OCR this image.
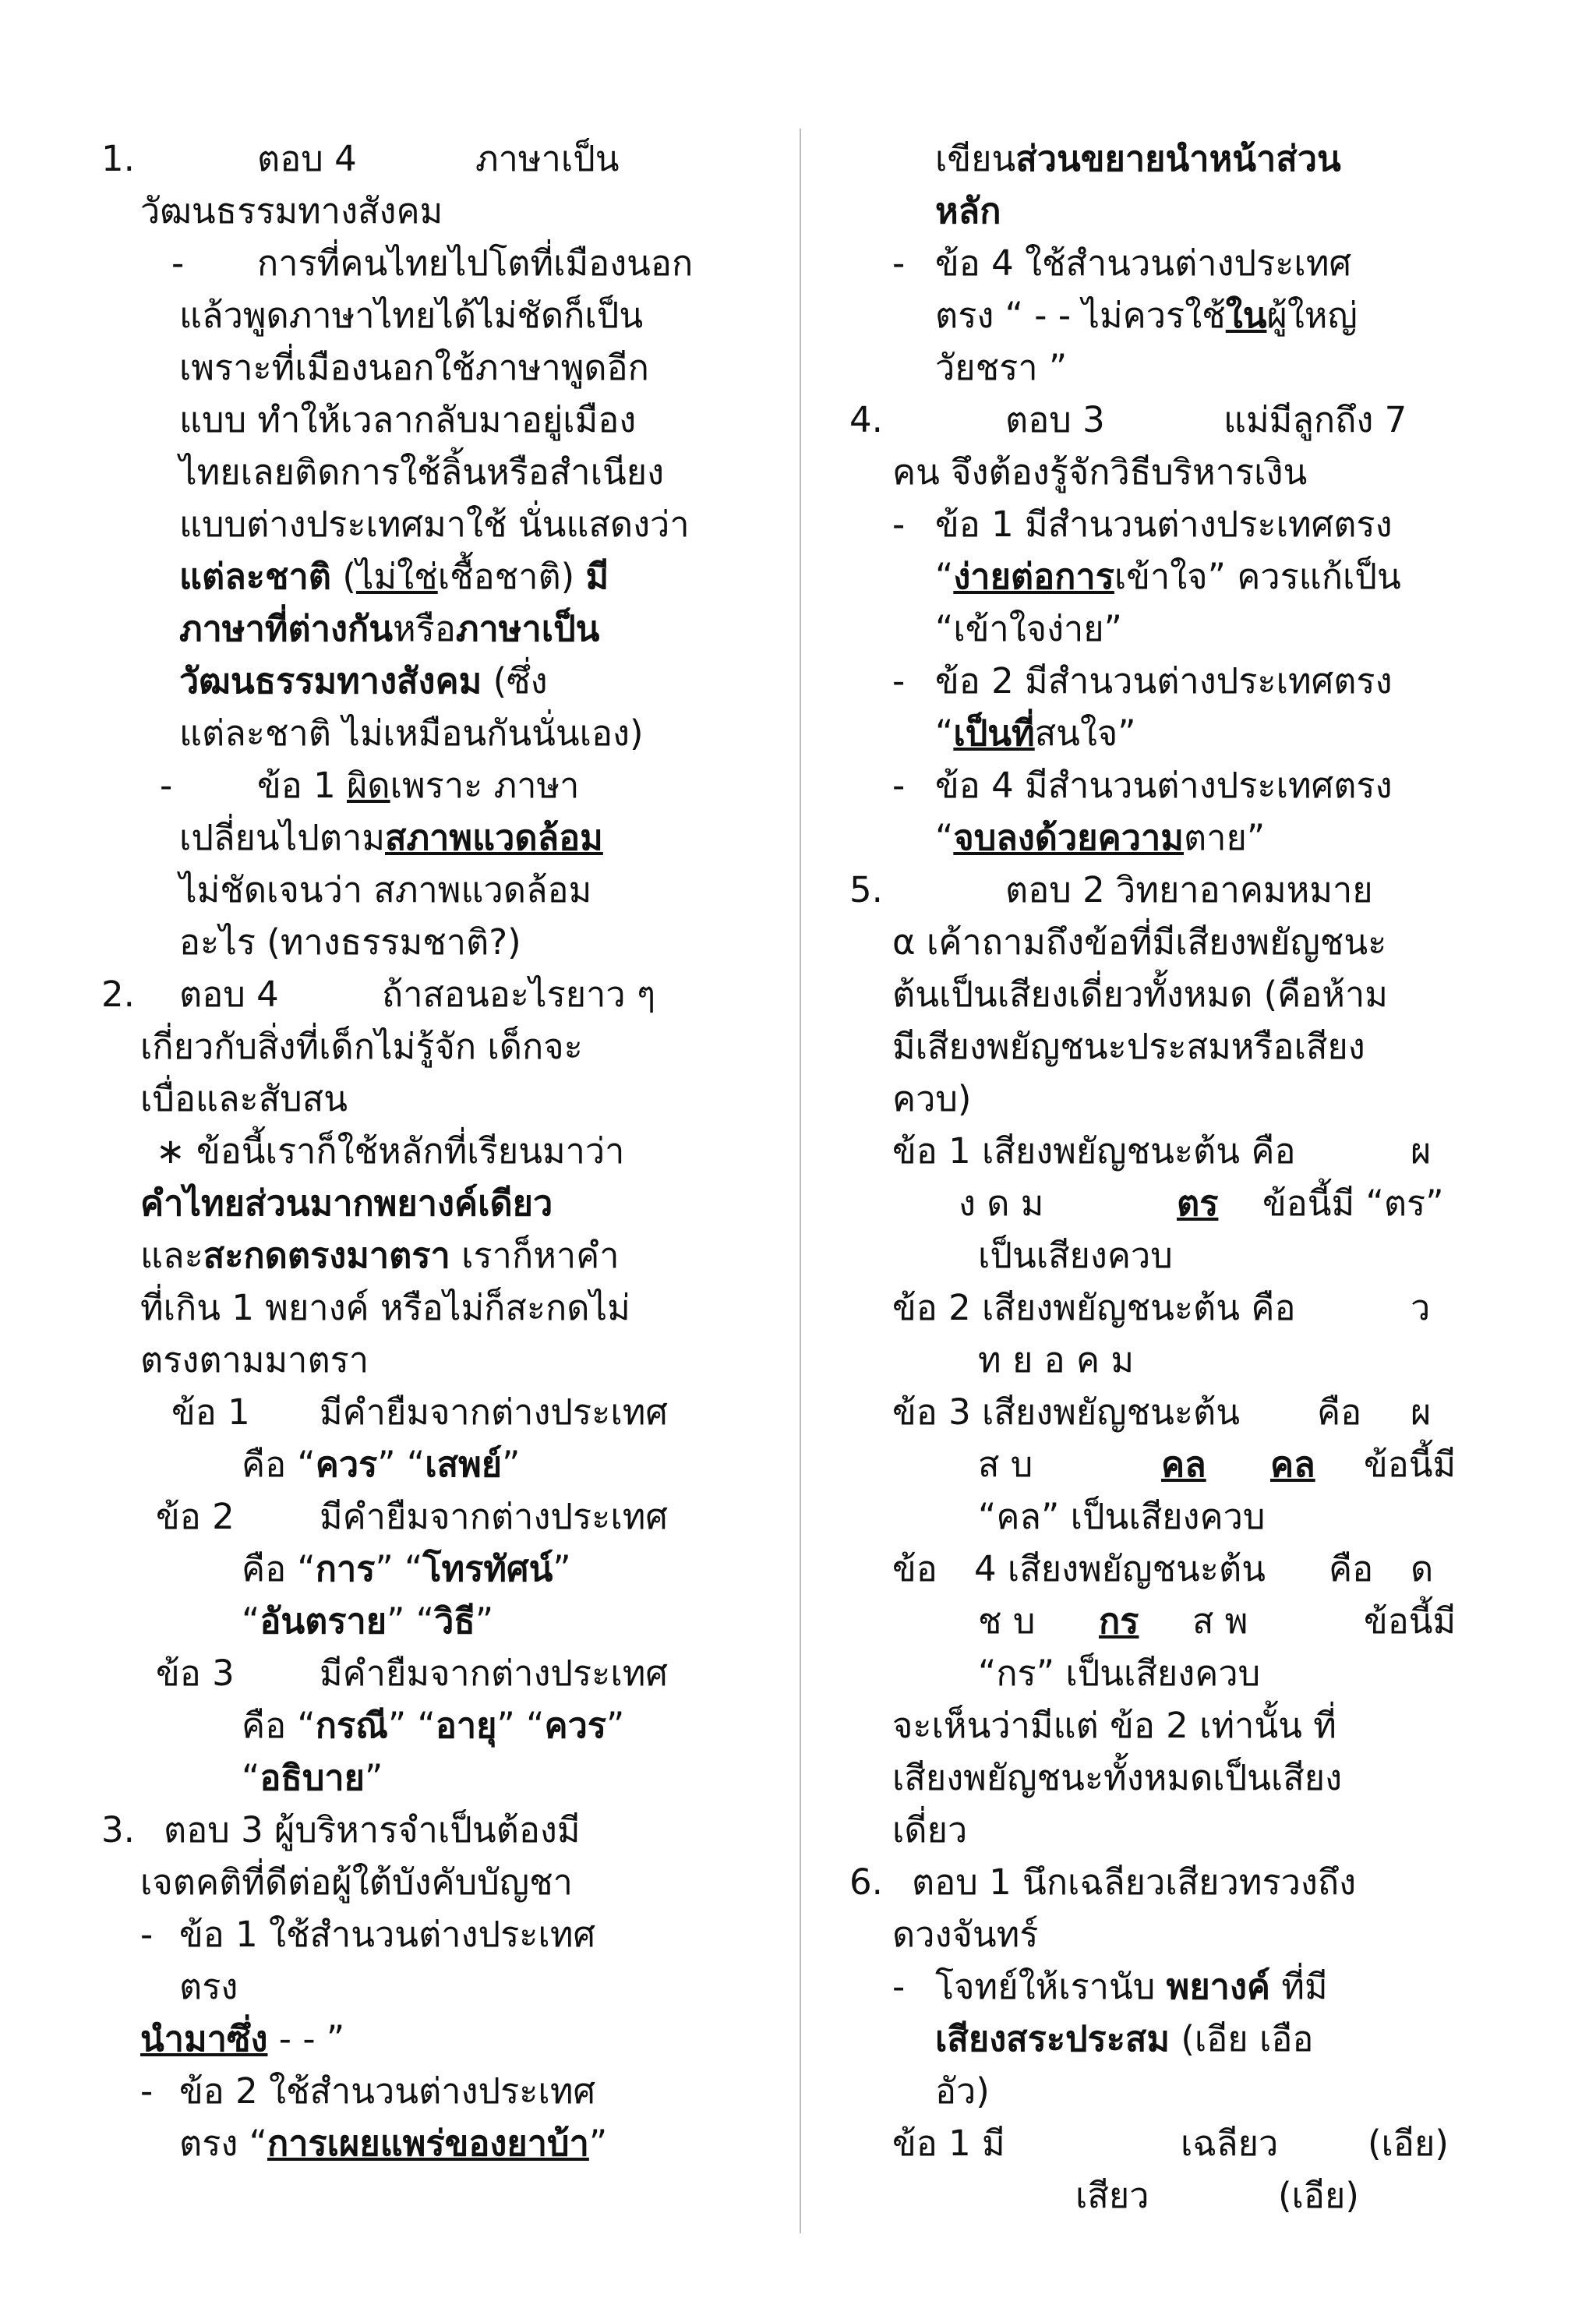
1.	ตอบ 4	ภาษาเป็น
วัฒนธรรมทางสังคม
- การที่คนไทยไปโตที่เมืองนอก
แล้วพูดภาษาไทยได้ไม่ชัดก็เป็น
เพราะที่เมืองนอกใช้ภาษาพูดอีก
แบบ ทำให้เวลากลับมาอยู่เมือง
ไทยเลยติดการใช้ลิ้นหรือสำเนียง
แบบต่างประเทศมาใช้ นั่นแสดงว่า
แต่ละชาติ (ไม่ใช่เชื้อชาติ) มี
ภาษาที่ต่างกันหรือภาษาเป็น
วัฒนธรรมทางสังคม (ซึ่ง
แต่ละชาติ ไม่เหมือนกันนั่นเอง)
- ข้อ 1 ผิดเพราะ ภาษา
เปลี่ยนไปตามสภาพแวดล้อม
ไม่ชัดเจนว่า สภาพแวดล้อม
อะไร (ทางธรรมชาติ?)
2. ตอบ 4	ถ้าสอนอะไรยาว ๆ
เกี่ยวกับสิ่งที่เด็กไม่รู้จัก เด็กจะ
เบื่อและสับสน
∗ ข้อนี้เราก็ใช้หลักที่เรียนมาว่า
คำไทยส่วนมากพยางค์เดียว
และสะกดตรงมาตรา เราก็หาคำ
ที่เกิน 1 พยางค์ หรือไม่ก็สะกดไม่
ตรงตามมาตรา
ข้อ 1 มีคำยืมจากต่างประเทศ
คือ “ควร” “เสพย์”
ข้อ 2 มีคำยืมจากต่างประเทศ
คือ “การ” “โทรทัศน์”
“อันตราย” “วิธี”
ข้อ 3 มีคำยืมจากต่างประเทศ
คือ “กรณี” “อายุ” “ควร”
“อธิบาย”
3. ตอบ 3 ผู้บริหารจำเป็นต้องมี
เจตคติที่ดีต่อผู้ใต้บังคับบัญชา
- ข้อ 1 ใช้สำนวนต่างประเทศ
ตรง
นำมาซึ่ง - - ”
- ข้อ 2 ใช้สำนวนต่างประเทศ
ตรง “การเผยแพร่ของยาบ้า”
เขียนส่วนขยายนำหน้าส่วน
หลัก
- ข้อ 4 ใช้สำนวนต่างประเทศ
ตรง “ - - ไม่ควรใช้ในผู้ใหญ่
วัยชรา ”
4.	ตอบ 3	แม่มีลูกถึง 7
คน จึงต้องรู้จักวิธีบริหารเงิน
- ข้อ 1 มีสำนวนต่างประเทศตรง
“ง่ายต่อการเข้าใจ” ควรแก้เป็น
“เข้าใจง่าย”
- ข้อ 2 มีสำนวนต่างประเทศตรง
“เป็นที่สนใจ”
- ข้อ 4 มีสำนวนต่างประเทศตรง
“จบลงด้วยความตาย”
5.	ตอบ 2 วิทยาอาคมหมาย
α เค้าถามถึงข้อที่มีเสียงพยัญชนะ
ต้นเป็นเสียงเดี่ยวทั้งหมด (คือห้าม
มีเสียงพยัญชนะประสมหรือเสียง
ควบ)
ข้อ 1 เสียงพยัญชนะต้น คือ	ผ
ง ด ม	ตร ข้อนี้มี “ตร”
เป็นเสียงควบ
ข้อ 2 เสียงพยัญชนะต้น คือ	ว
ท ย อ ค ม
ข้อ 3 เสียงพยัญชนะต้น คือ ผ
ส บ	คล คล ข้อนี้มี
“คล” เป็นเสียงควบ
ข้อ 4 เสียงพยัญชนะต้น คือ ด
ช บ กร ส พ	ข้อนี้มี
“กร” เป็นเสียงควบ
จะเห็นว่ามีแต่ ข้อ 2 เท่านั้น ที่
เสียงพยัญชนะทั้งหมดเป็นเสียง
เดี่ยว
6. ตอบ 1 นึกเฉลียวเสียวทรวงถึง
ดวงจันทร์
- โจทย์ให้เรานับ พยางค์ ที่มี
เสียงสระประสม (เอีย เอือ
อัว)
ข้อ 1 มี	เฉลียว	(เอีย)
เสียว	(เอีย)
